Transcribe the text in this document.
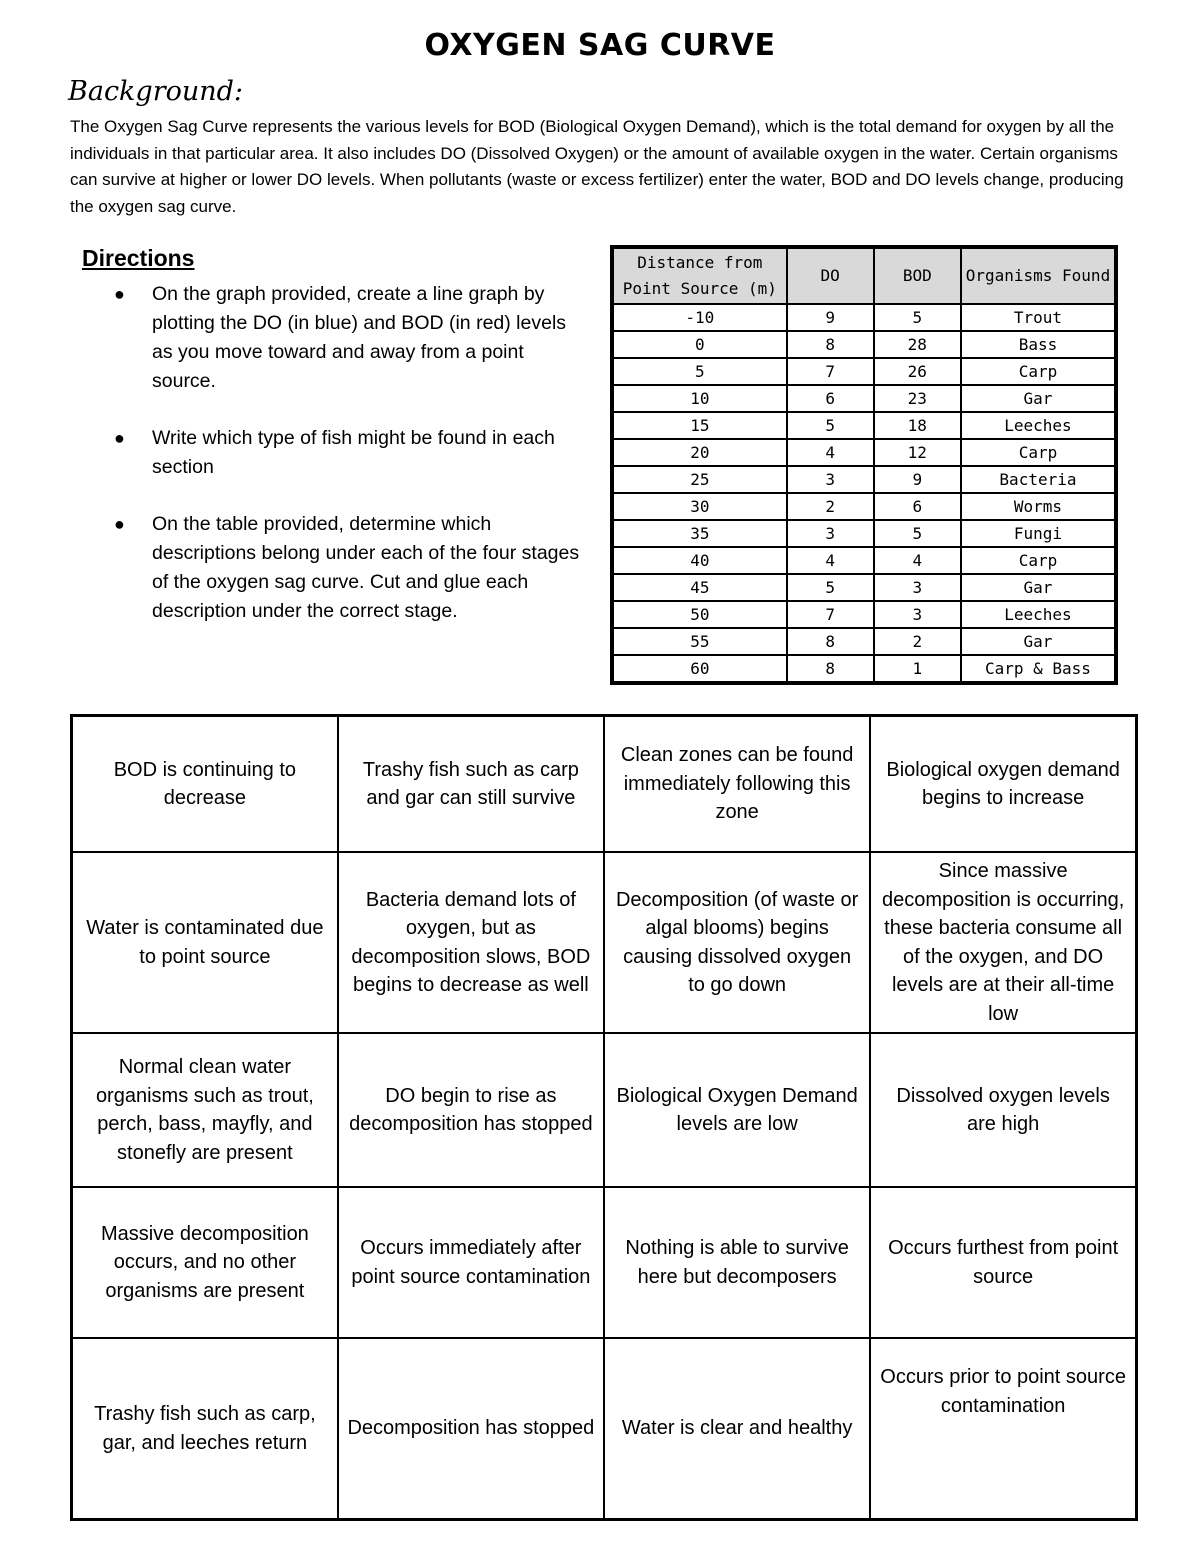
OXYGEN SAG CURVE
Background:
The Oxygen Sag Curve represents the various levels for BOD (Biological Oxygen Demand), which is the total demand for oxygen by all the individuals in that particular area. It also includes DO (Dissolved Oxygen) or the amount of available oxygen in the water. Certain organisms can survive at higher or lower DO levels. When pollutants (waste or excess fertilizer) enter the water, BOD and DO levels change, producing the oxygen sag curve.
Directions
● On the graph provided, create a line graph by plotting the DO (in blue) and BOD (in red) levels as you move toward and away from a point source.
● Write which type of fish might be found in each section
● On the table provided, determine which descriptions belong under each of the four stages of the oxygen sag curve. Cut and glue each description under the correct stage.
Distance from Point Source (m)	DO	BOD	Organisms Found
-10	9	5	Trout
0	8	28	Bass
5	7	26	Carp
10	6	23	Gar
15	5	18	Leeches
20	4	12	Carp
25	3	9	Bacteria
30	2	6	Worms
35	3	5	Fungi
40	4	4	Carp
45	5	3	Gar
50	7	3	Leeches
55	8	2	Gar
60	8	1	Carp & Bass
BOD is continuing to decrease	Trashy fish such as carp and gar can still survive	Clean zones can be found immediately following this zone	Biological oxygen demand begins to increase
Water is contaminated due to point source	Bacteria demand lots of oxygen, but as decomposition slows, BOD begins to decrease as well	Decomposition (of waste or algal blooms) begins causing dissolved oxygen to go down	Since massive decomposition is occurring, these bacteria consume all of the oxygen, and DO levels are at their all-time low
Normal clean water organisms such as trout, perch, bass, mayfly, and stonefly are present	DO begin to rise as decomposition has stopped	Biological Oxygen Demand levels are low	Dissolved oxygen levels are high
Massive decomposition occurs, and no other organisms are present	Occurs immediately after point source contamination	Nothing is able to survive here but decomposers	Occurs furthest from point source
Trashy fish such as carp, gar, and leeches return	Decomposition has stopped	Water is clear and healthy	Occurs prior to point source contamination
